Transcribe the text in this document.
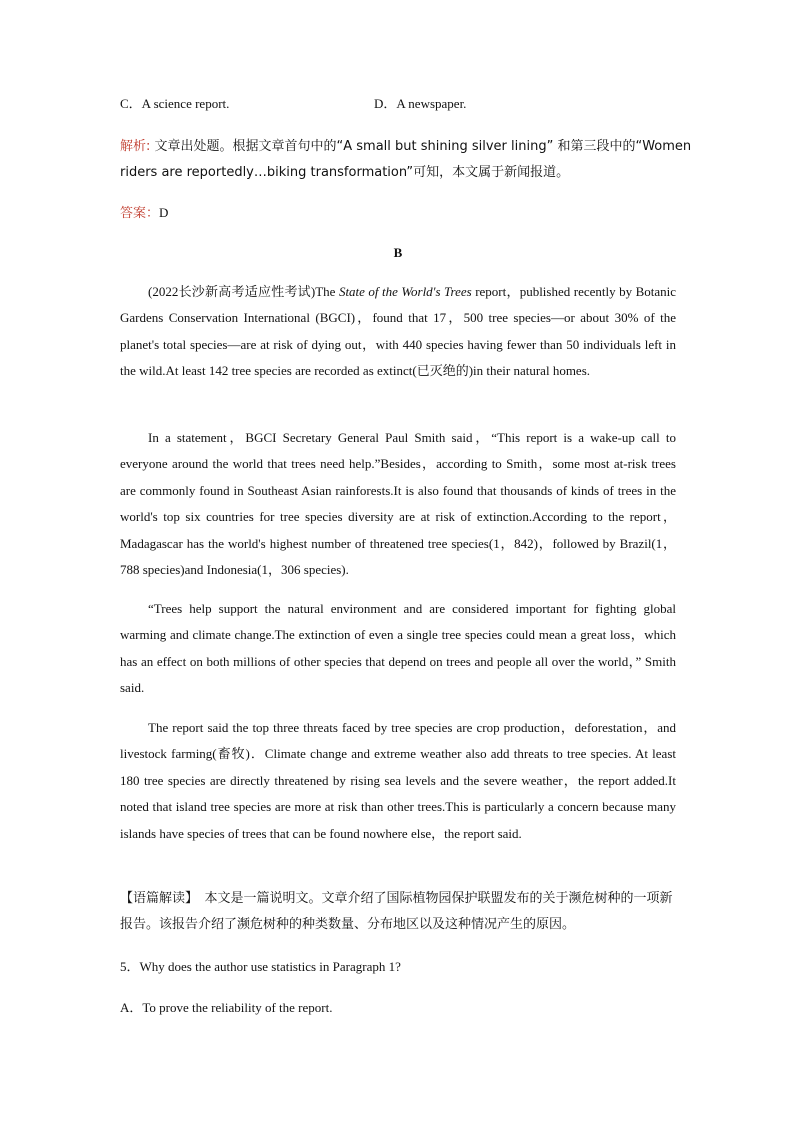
C．A science report.	D．A newspaper.
解析: 文章出处题。根据文章首句中的“A small but shining silver lining” 和第三段中的“Women
riders are reportedly…biking transformation”可知，本文属于新闻报道。
答案：D
B

(2022长沙新高考适应性考试)The State of the World's Trees report，published recently by Botanic Gardens Conservation International (BGCI)，found that 17，500 tree species—or about 30% of the planet's total species—are at risk of dying out，with 440 species having fewer than 50 individuals left in the wild.At least 142 tree species are recorded as extinct(已灭绝的)in their natural homes.

In a statement，BGCI Secretary General Paul Smith said，“This report is a wake-up call to everyone around the world that trees need help.”Besides，according to Smith，some most at-risk trees are commonly found in Southeast Asian rainforests.It is also found that thousands of kinds of trees in the world's top six countries for tree species diversity are at risk of extinction.According to the report，Madagascar has the world's highest number of threatened tree species(1，842)，followed by Brazil(1，788 species)and Indonesia(1，306 species).

“Trees help support the natural environment and are considered important for fighting global warming and climate change.The extinction of even a single tree species could mean a great loss，which has an effect on both millions of other species that depend on trees and people all over the world，” Smith said.

The report said the top three threats faced by tree species are crop production，deforestation，and livestock farming(畜牧)．Climate change and extreme weather also add threats to tree species. At least 180 tree species are directly threatened by rising sea levels and the severe weather，the report added.It noted that island tree species are more at risk than other trees.This is particularly a concern because many islands have species of trees that can be found nowhere else，the report said.

【语篇解读】　本文是一篇说明文。文章介绍了国际植物园保护联盟发布的关于濒危树种的一项新报告。该报告介绍了濒危树种的种类数量、分布地区以及这种情况产生的原因。

5．Why does the author use statistics in Paragraph 1?
A．To prove the reliability of the report.
